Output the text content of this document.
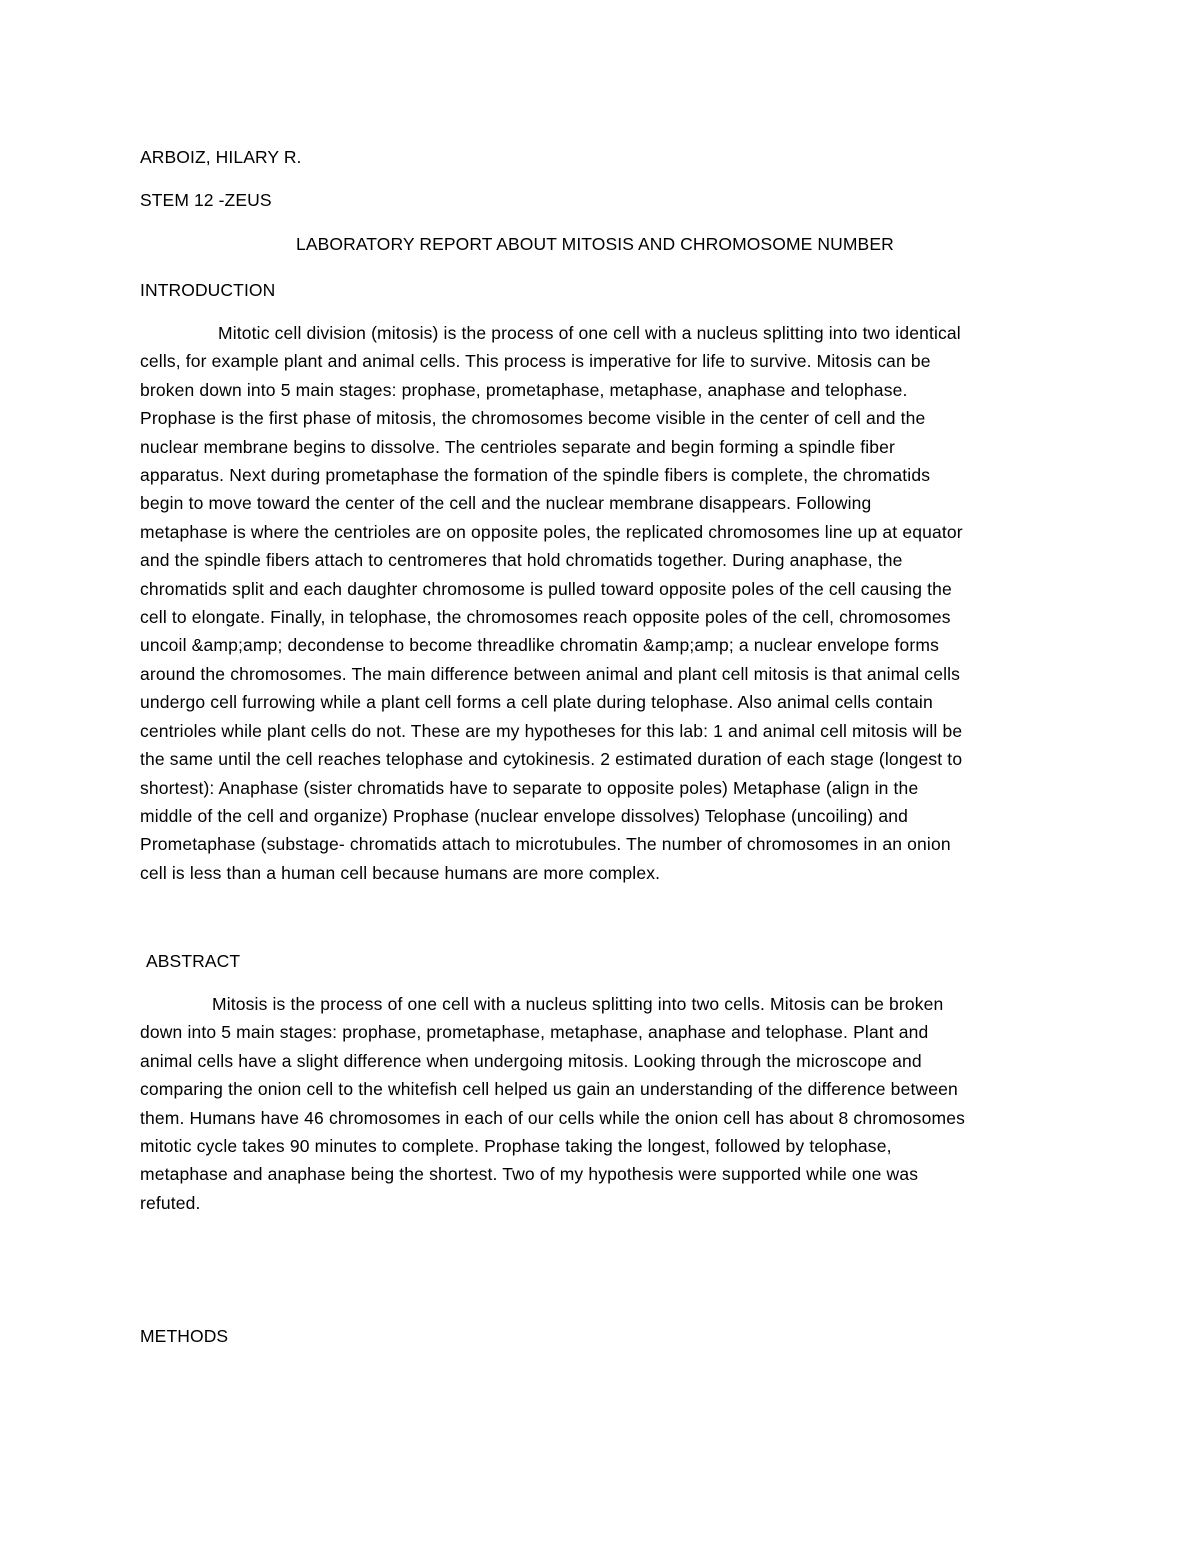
ARBOIZ, HILARY R.
STEM 12 -ZEUS
LABORATORY REPORT ABOUT MITOSIS AND CHROMOSOME NUMBER
INTRODUCTION
Mitotic cell division (mitosis) is the process of one cell with a nucleus splitting into two identical
cells, for example plant and animal cells. This process is imperative for life to survive. Mitosis can be
broken down into 5 main stages: prophase, prometaphase, metaphase, anaphase and telophase.
Prophase is the first phase of mitosis, the chromosomes become visible in the center of cell and the
nuclear membrane begins to dissolve. The centrioles separate and begin forming a spindle fiber
apparatus. Next during prometaphase the formation of the spindle fibers is complete, the chromatids
begin to move toward the center of the cell and the nuclear membrane disappears. Following
metaphase is where the centrioles are on opposite poles, the replicated chromosomes line up at equator
and the spindle fibers attach to centromeres that hold chromatids together. During anaphase, the
chromatids split and each daughter chromosome is pulled toward opposite poles of the cell causing the
cell to elongate. Finally, in telophase, the chromosomes reach opposite poles of the cell, chromosomes
uncoil &amp;amp; decondense to become threadlike chromatin &amp;amp; a nuclear envelope forms
around the chromosomes. The main difference between animal and plant cell mitosis is that animal cells
undergo cell furrowing while a plant cell forms a cell plate during telophase. Also animal cells contain
centrioles while plant cells do not. These are my hypotheses for this lab: 1 and animal cell mitosis will be
the same until the cell reaches telophase and cytokinesis. 2 estimated duration of each stage (longest to
shortest): Anaphase (sister chromatids have to separate to opposite poles) Metaphase (align in the
middle of the cell and organize) Prophase (nuclear envelope dissolves) Telophase (uncoiling) and
Prometaphase (substage- chromatids attach to microtubules. The number of chromosomes in an onion
cell is less than a human cell because humans are more complex.
ABSTRACT
Mitosis is the process of one cell with a nucleus splitting into two cells. Mitosis can be broken
down into 5 main stages: prophase, prometaphase, metaphase, anaphase and telophase. Plant and
animal cells have a slight difference when undergoing mitosis. Looking through the microscope and
comparing the onion cell to the whitefish cell helped us gain an understanding of the difference between
them. Humans have 46 chromosomes in each of our cells while the onion cell has about 8 chromosomes
mitotic cycle takes 90 minutes to complete. Prophase taking the longest, followed by telophase,
metaphase and anaphase being the shortest. Two of my hypothesis were supported while one was
refuted.
METHODS
